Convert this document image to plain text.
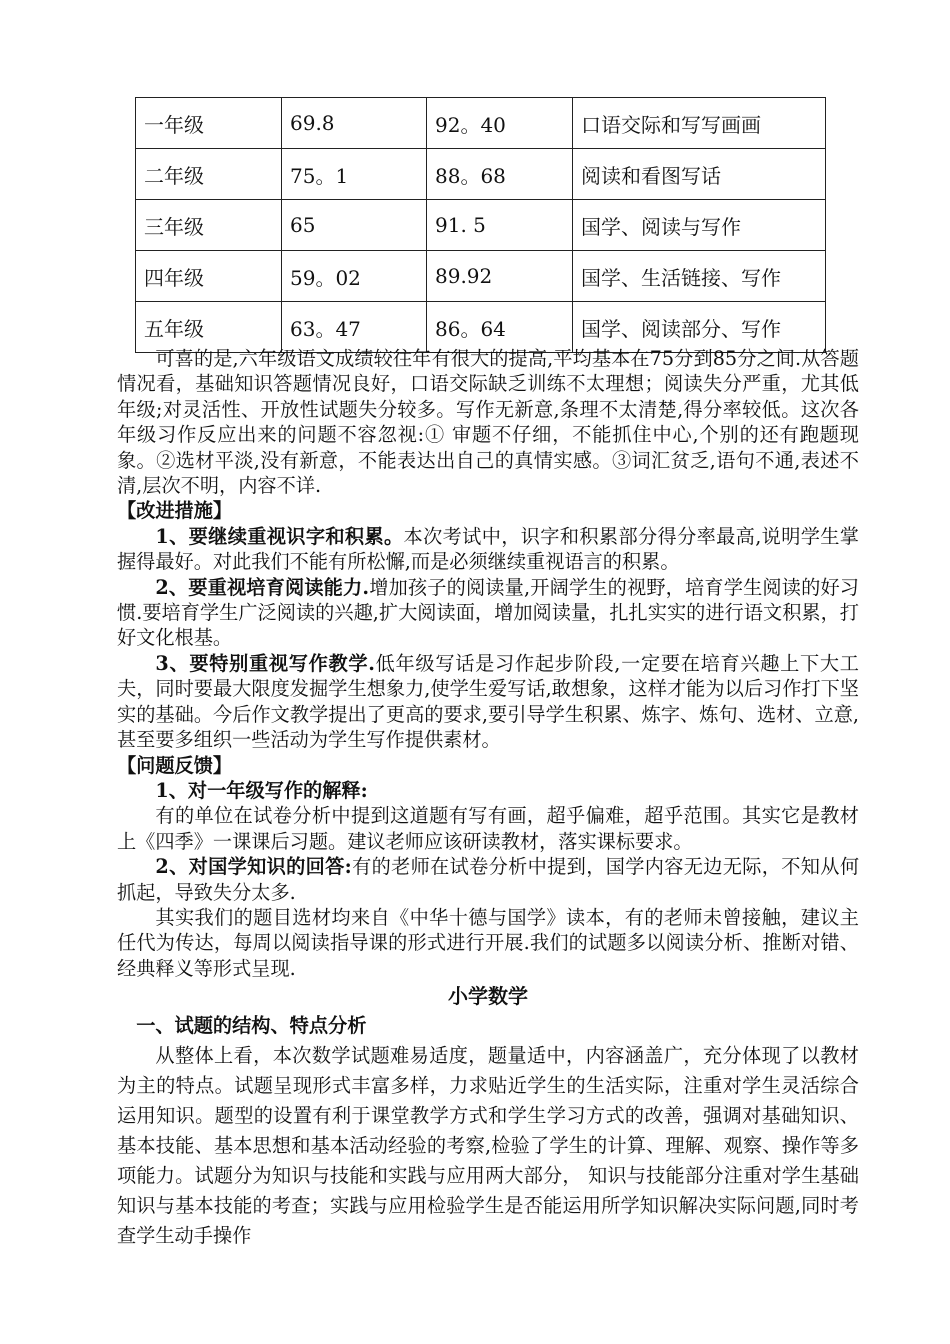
一年级	69.8	92。40	口语交际和写写画画
二年级	75。1	88。68	阅读和看图写话
三年级	65	91. 5	国学、阅读与写作
四年级	59。02	89.92	国学、生活链接、写作
五年级	63。47	86。64	国学、阅读部分、写作

可喜的是,六年级语文成绩较往年有很大的提高,平均基本在75分到85分之间.从答题情况看，基础知识答题情况良好，口语交际缺乏训练不太理想；阅读失分严重，尤其低年级;对灵活性、开放性试题失分较多。写作无新意,条理不太清楚,得分率较低。这次各年级习作反应出来的问题不容忽视:① 审题不仔细，不能抓住中心,个别的还有跑题现象。②选材平淡,没有新意，不能表达出自己的真情实感。③词汇贫乏,语句不通,表述不清,层次不明，内容不详.

【改进措施】

1、要继续重视识字和积累。本次考试中，识字和积累部分得分率最高,说明学生掌握得最好。对此我们不能有所松懈,而是必须继续重视语言的积累。

2、要重视培育阅读能力.增加孩子的阅读量,开阔学生的视野，培育学生阅读的好习惯.要培育学生广泛阅读的兴趣,扩大阅读面，增加阅读量，扎扎实实的进行语文积累，打好文化根基。

3、要特别重视写作教学.低年级写话是习作起步阶段,一定要在培育兴趣上下大工夫，同时要最大限度发掘学生想象力,使学生爱写话,敢想象，这样才能为以后习作打下坚实的基础。今后作文教学提出了更高的要求,要引导学生积累、炼字、炼句、选材、立意,甚至要多组织一些活动为学生写作提供素材。

【问题反馈】

1、对一年级写作的解释:

有的单位在试卷分析中提到这道题有写有画，超乎偏难，超乎范围。其实它是教材上《四季》一课课后习题。建议老师应该研读教材，落实课标要求。

2、对国学知识的回答:有的老师在试卷分析中提到，国学内容无边无际，不知从何抓起，导致失分太多.

其实我们的题目选材均来自《中华十德与国学》读本，有的老师未曾接触，建议主任代为传达，每周以阅读指导课的形式进行开展.我们的试题多以阅读分析、推断对错、经典释义等形式呈现.

小学数学

一、试题的结构、特点分析

从整体上看，本次数学试题难易适度，题量适中，内容涵盖广，充分体现了以教材为主的特点。试题呈现形式丰富多样，力求贴近学生的生活实际，注重对学生灵活综合运用知识。题型的设置有利于课堂教学方式和学生学习方式的改善，强调对基础知识、基本技能、基本思想和基本活动经验的考察,检验了学生的计算、理解、观察、操作等多项能力。试题分为知识与技能和实践与应用两大部分， 知识与技能部分注重对学生基础知识与基本技能的考查；实践与应用检验学生是否能运用所学知识解决实际问题,同时考查学生动手操作
